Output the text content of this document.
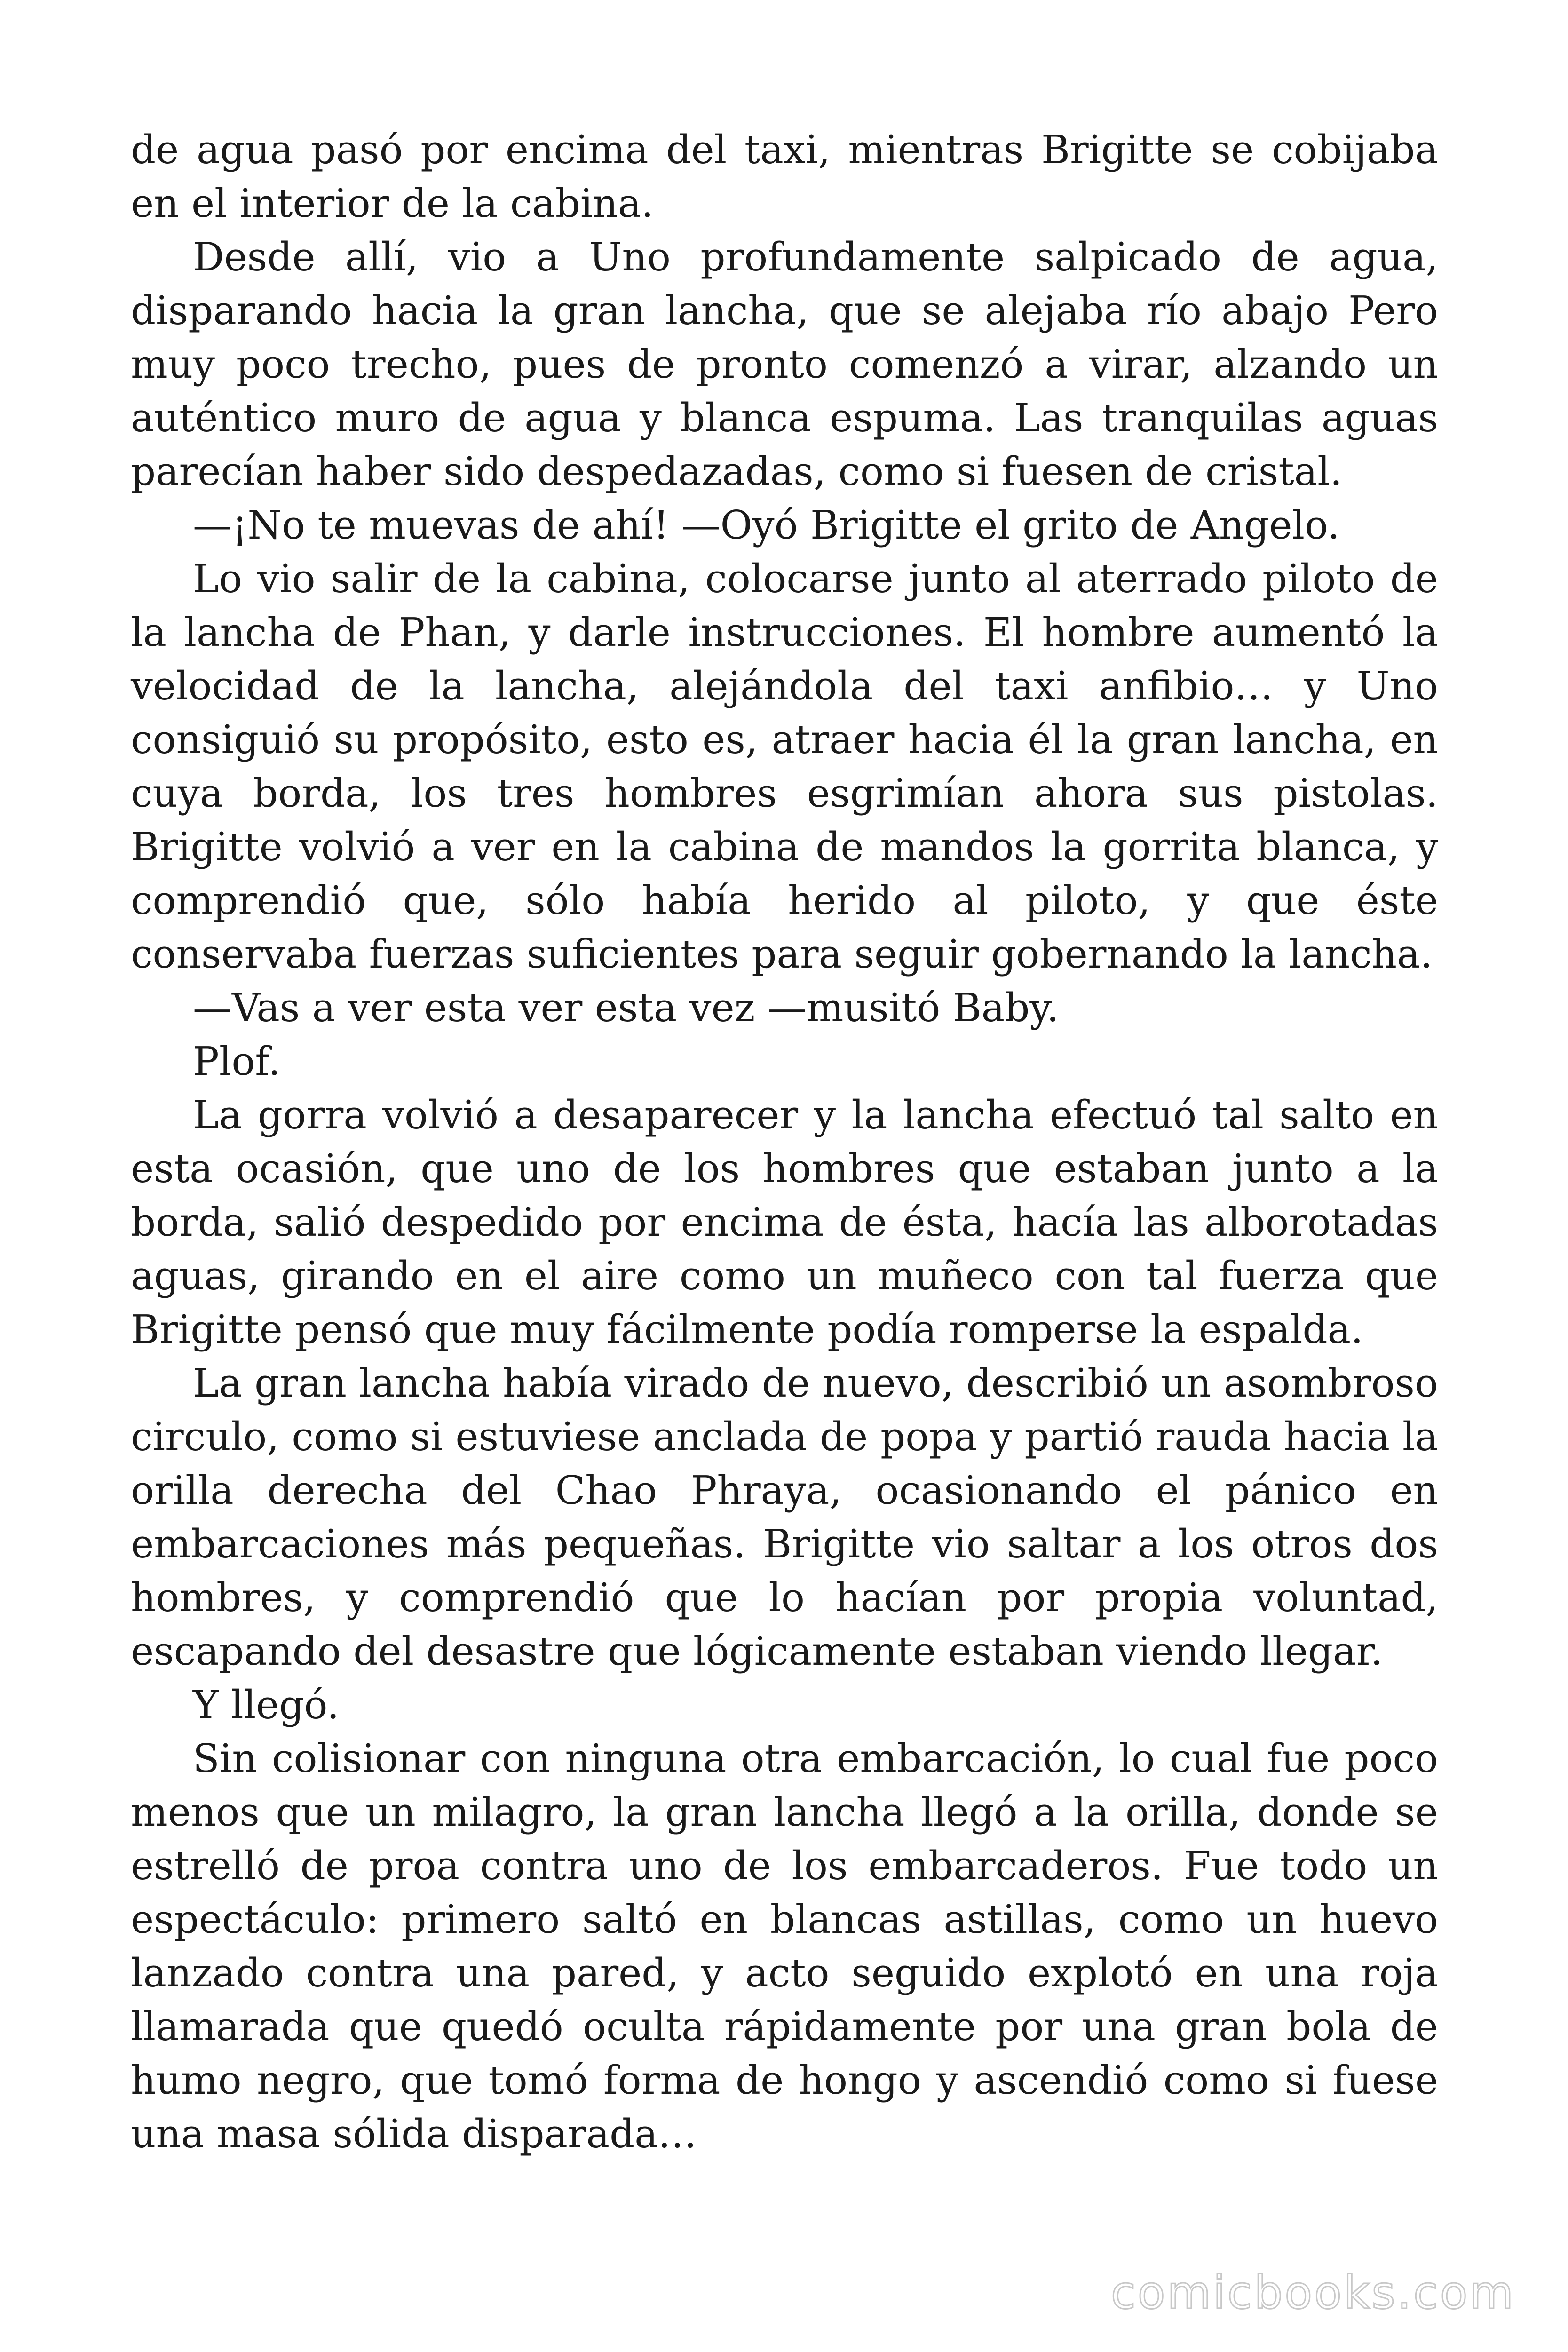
de agua pasó por encima del taxi, mientras Brigitte se cobijaba en el interior de la cabina.

Desde allí, vio a Uno profundamente salpicado de agua, disparando hacia la gran lancha, que se alejaba río abajo Pero muy poco trecho, pues de pronto comenzó a virar, alzando un auténtico muro de agua y blanca espuma. Las tranquilas aguas parecían haber sido despedazadas, como si fuesen de cristal.

—¡No te muevas de ahí! —Oyó Brigitte el grito de Angelo.

Lo vio salir de la cabina, colocarse junto al aterrado piloto de la lancha de Phan, y darle instrucciones. El hombre aumentó la velocidad de la lancha, alejándola del taxi anfibio… y Uno consiguió su propósito, esto es, atraer hacia él la gran lancha, en cuya borda, los tres hombres esgrimían ahora sus pistolas. Brigitte volvió a ver en la cabina de mandos la gorrita blanca, y comprendió que, sólo había herido al piloto, y que éste conservaba fuerzas suficientes para seguir gobernando la lancha.

—Vas a ver esta ver esta vez —musitó Baby.

Plof.

La gorra volvió a desaparecer y la lancha efectuó tal salto en esta ocasión, que uno de los hombres que estaban junto a la borda, salió despedido por encima de ésta, hacía las alborotadas aguas, girando en el aire como un muñeco con tal fuerza que Brigitte pensó que muy fácilmente podía romperse la espalda.

La gran lancha había virado de nuevo, describió un asombroso circulo, como si estuviese anclada de popa y partió rauda hacia la orilla derecha del Chao Phraya, ocasionando el pánico en embarcaciones más pequeñas. Brigitte vio saltar a los otros dos hombres, y comprendió que lo hacían por propia voluntad, escapando del desastre que lógicamente estaban viendo llegar.

Y llegó.

Sin colisionar con ninguna otra embarcación, lo cual fue poco menos que un milagro, la gran lancha llegó a la orilla, donde se estrelló de proa contra uno de los embarcaderos. Fue todo un espectáculo: primero saltó en blancas astillas, como un huevo lanzado contra una pared, y acto seguido explotó en una roja llamarada que quedó oculta rápidamente por una gran bola de humo negro, que tomó forma de hongo y ascendió como si fuese una masa sólida disparada…

comicbooks.com
